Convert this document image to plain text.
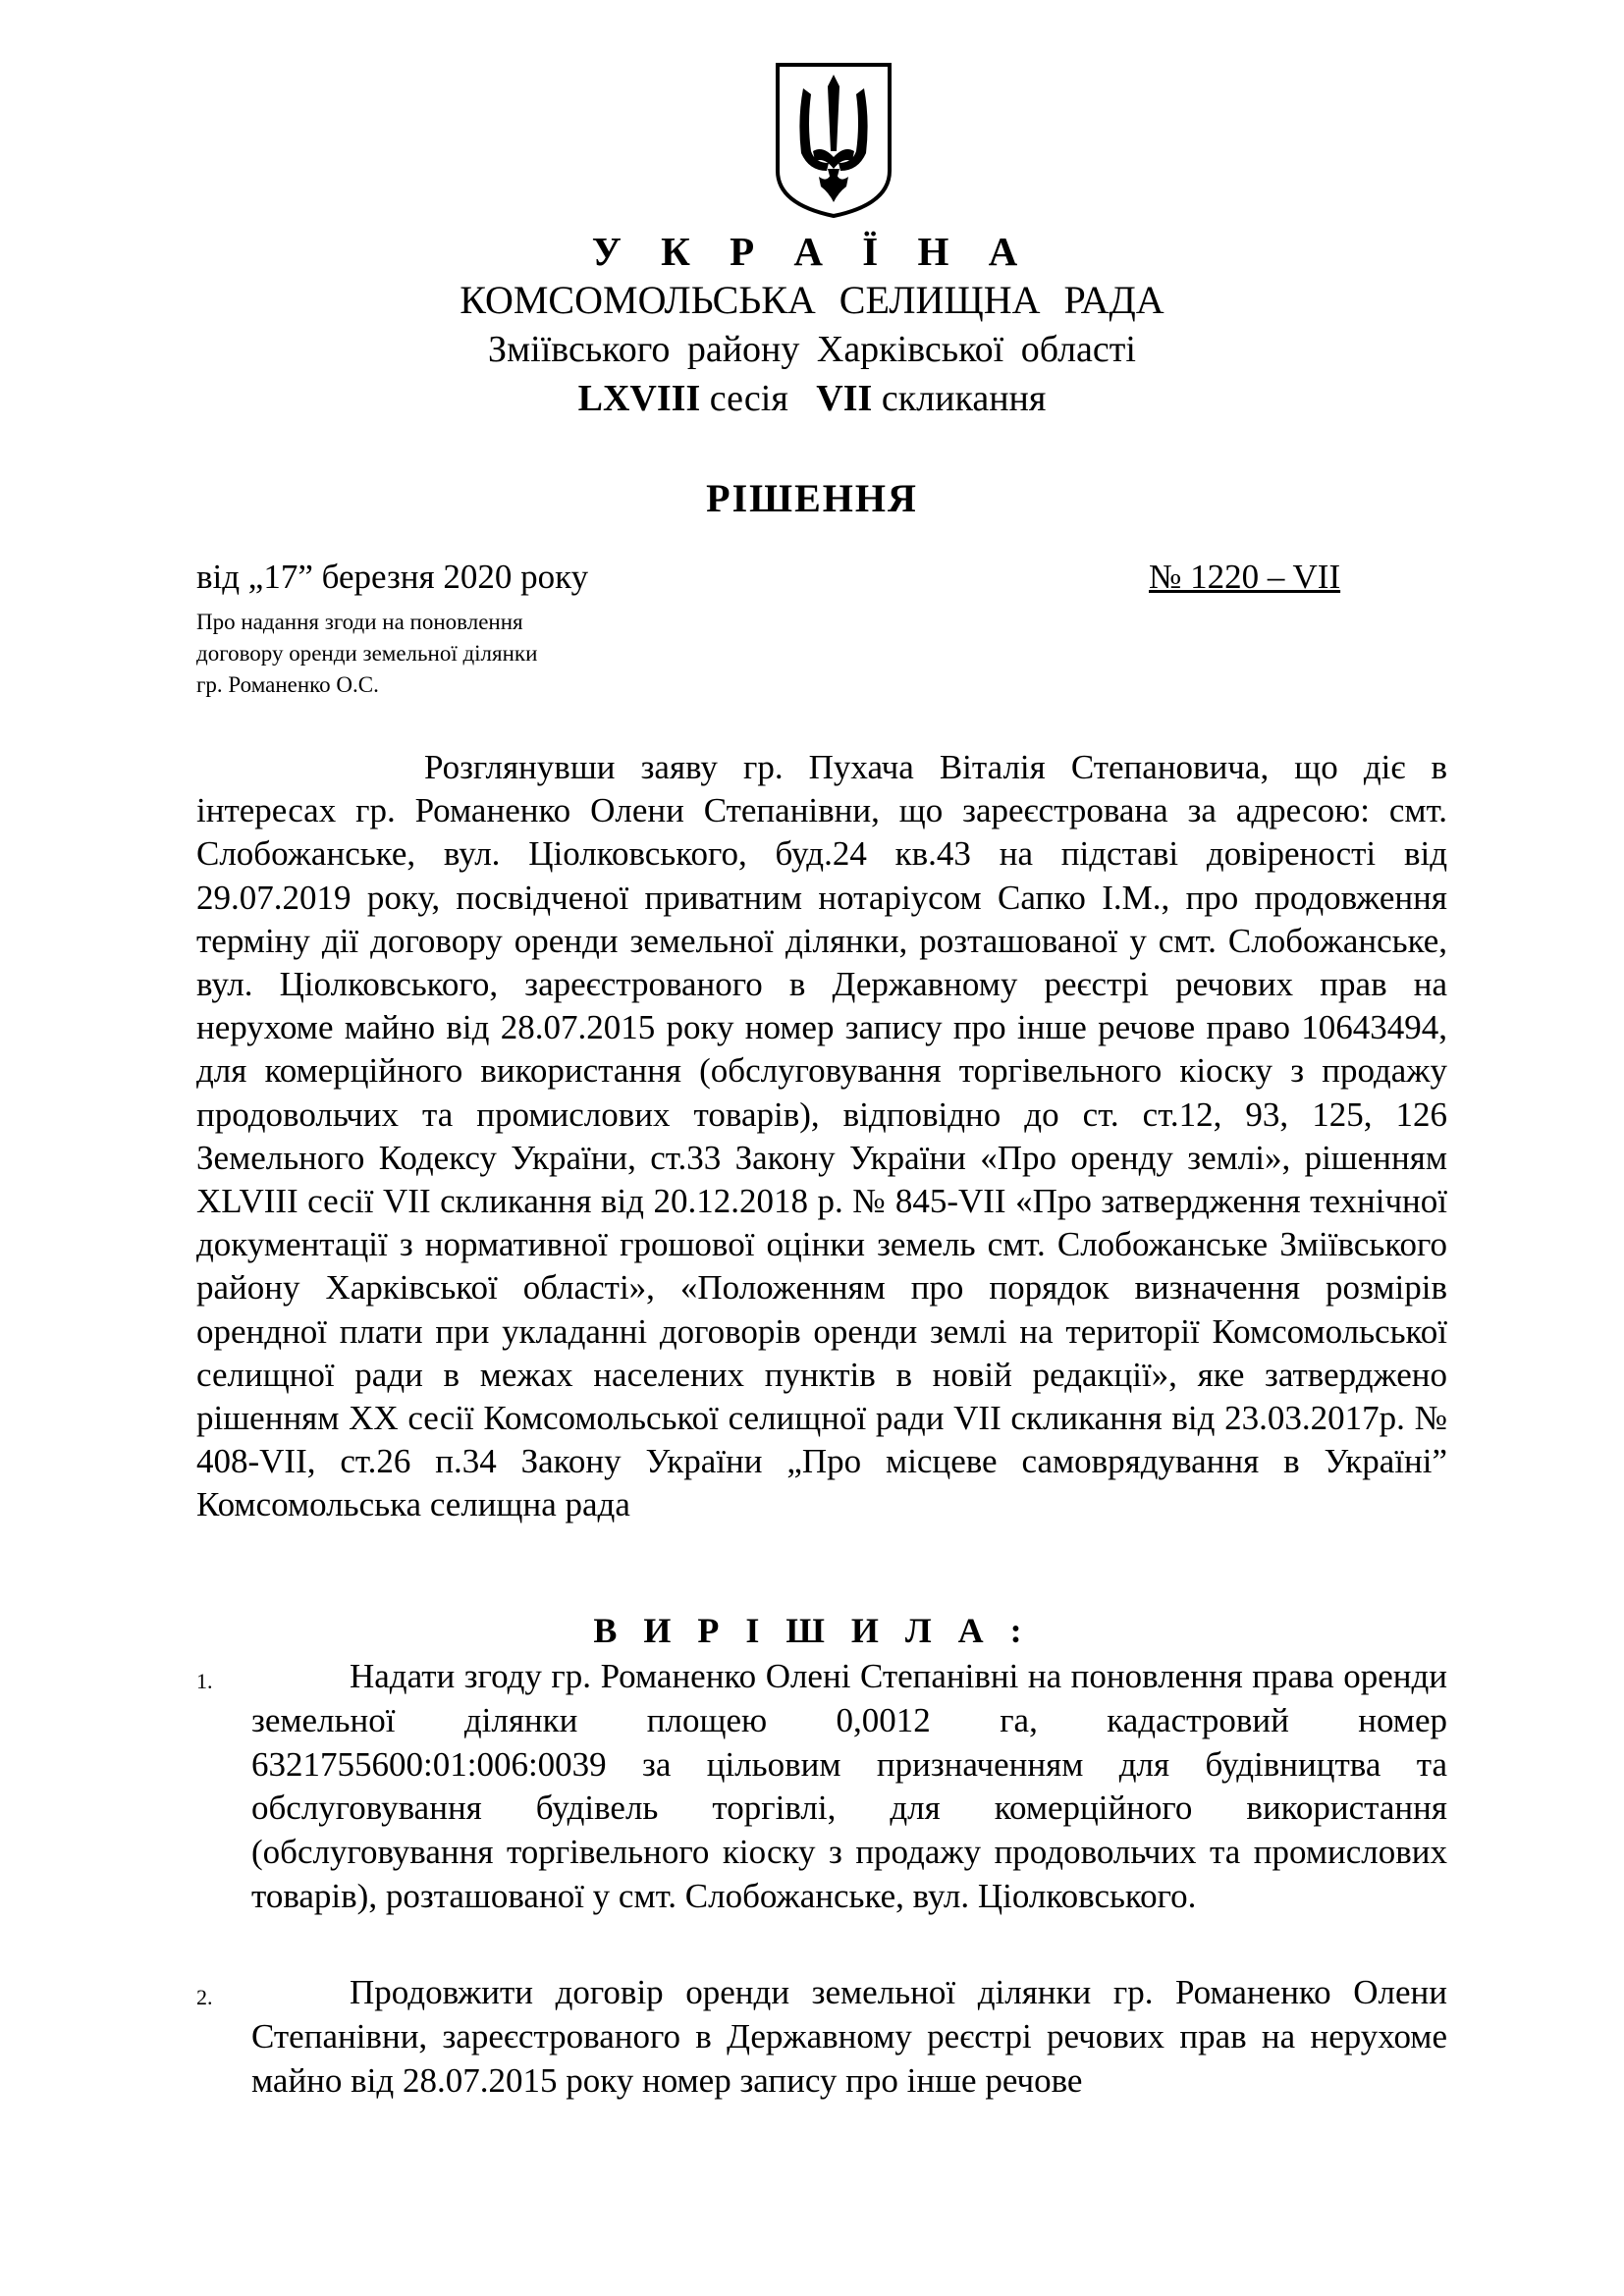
У К Р А Ї Н А
КОМСОМОЛЬСЬКА СЕЛИЩНА РАДА
Зміївського району Харківської області
LXVIII сесія VII скликання
РІШЕННЯ
від „17” березня 2020 року	№ 1220 – VII
Про надання згоди на поновлення
договору оренди земельної ділянки
гр. Романенко О.С.
Розглянувши заяву гр. Пухача Віталія Степановича, що діє в інтересах гр. Романенко Олени Степанівни, що зареєстрована за адресою: смт. Слобожанське, вул. Ціолковського, буд.24 кв.43 на підставі довіреності від 29.07.2019 року, посвідченої приватним нотаріусом Сапко І.М., про продовження терміну дії договору оренди земельної ділянки, розташованої у смт. Слобожанське, вул. Ціолковського, зареєстрованого в Державному реєстрі речових прав на нерухоме майно від 28.07.2015 року номер запису про інше речове право 10643494, для комерційного використання (обслуговування торгівельного кіоску з продажу продовольчих та промислових товарів), відповідно до ст. ст.12, 93, 125, 126 Земельного Кодексу України, ст.33 Закону України «Про оренду землі», рішенням XLVIII сесії VII скликання від 20.12.2018 р. № 845-VII «Про затвердження технічної документації з нормативної грошової оцінки земель смт. Слобожанське Зміївського району Харківської області», «Положенням про порядок визначення розмірів орендної плати при укладанні договорів оренди землі на території Комсомольської селищної ради в межах населених пунктів в новій редакції», яке затверджено рішенням ХХ сесії Комсомольської селищної ради VII скликання від 23.03.2017р. № 408-VII, ст.26 п.34 Закону України „Про місцеве самоврядування в Україні” Комсомольська селищна рада
В И Р І Ш И Л А :
1.	Надати згоду гр. Романенко Олені Степанівні на поновлення права оренди земельної ділянки площею 0,0012 га, кадастровий номер 6321755600:01:006:0039 за цільовим призначенням для будівництва та обслуговування будівель торгівлі, для комерційного використання (обслуговування торгівельного кіоску з продажу продовольчих та промислових товарів), розташованої у смт. Слобожанське, вул. Ціолковського.
2.	Продовжити договір оренди земельної ділянки гр. Романенко Олени Степанівни, зареєстрованого в Державному реєстрі речових прав на нерухоме майно від 28.07.2015 року номер запису про інше речове
